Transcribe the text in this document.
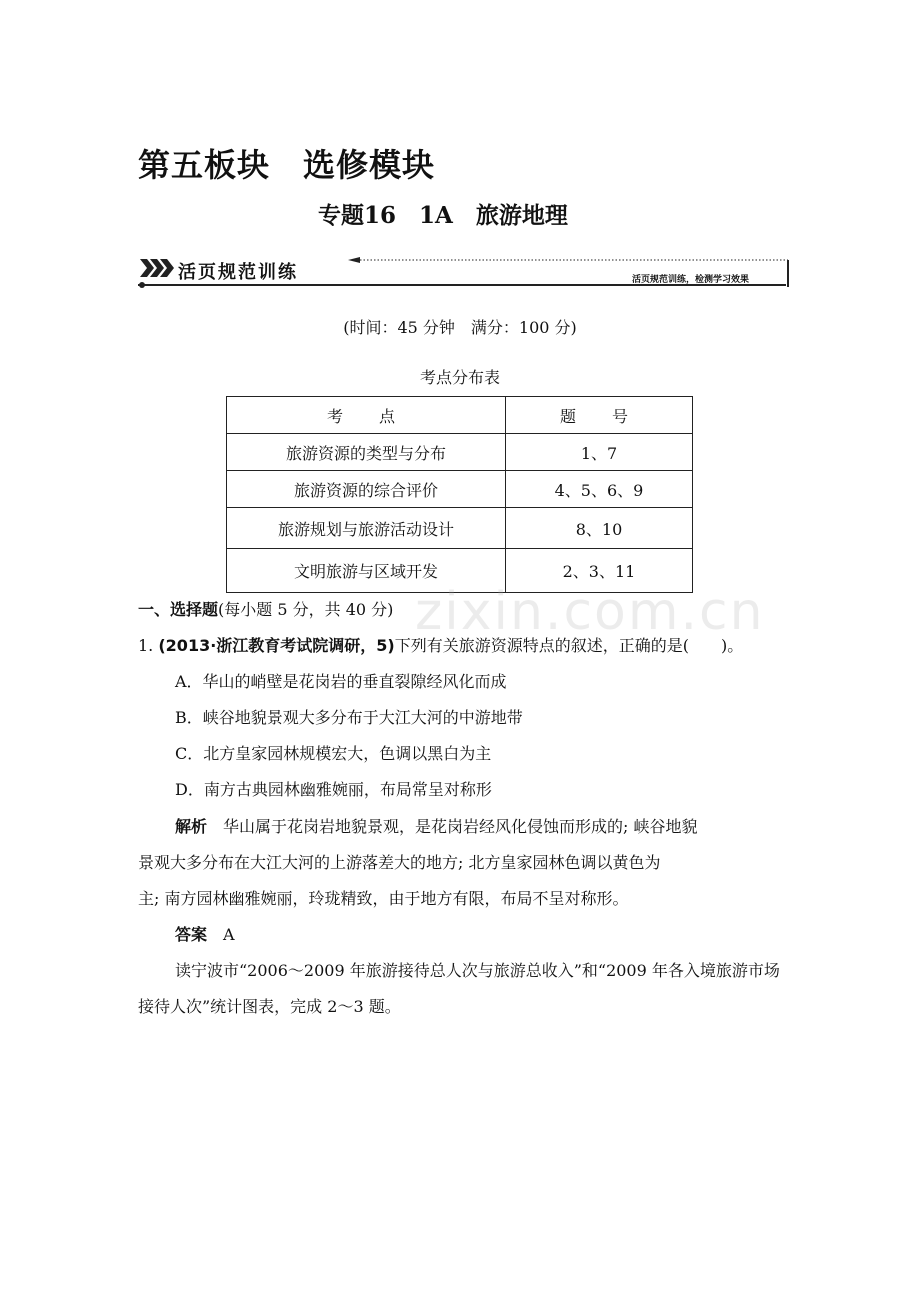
第五板块　选修模块
专题16　1A　旅游地理
活页规范训练	活页规范训练，检测学习效果
(时间：45 分钟　满分：100 分)
考点分布表
考　点	题　号
旅游资源的类型与分布	1、7
旅游资源的综合评价	4、5、6、9
旅游规划与旅游活动设计	8、10
文明旅游与区域开发	2、3、11
zixin.com.cn
一、选择题(每小题 5 分，共 40 分)
1. (2013·浙江教育考试院调研，5)下列有关旅游资源特点的叙述，正确的是(　　)。
A．华山的峭壁是花岗岩的垂直裂隙经风化而成
B．峡谷地貌景观大多分布于大江大河的中游地带
C．北方皇家园林规模宏大，色调以黑白为主
D．南方古典园林幽雅婉丽，布局常呈对称形
解析 华山属于花岗岩地貌景观，是花岗岩经风化侵蚀而形成的; 峡谷地貌
景观大多分布在大江大河的上游落差大的地方; 北方皇家园林色调以黄色为
主; 南方园林幽雅婉丽，玲珑精致，由于地方有限，布局不呈对称形。
答案 A
读宁波市“2006～2009 年旅游接待总人次与旅游总收入”和“2009 年各入境旅游市场接待人次”统计图表，完成 2～3 题。
